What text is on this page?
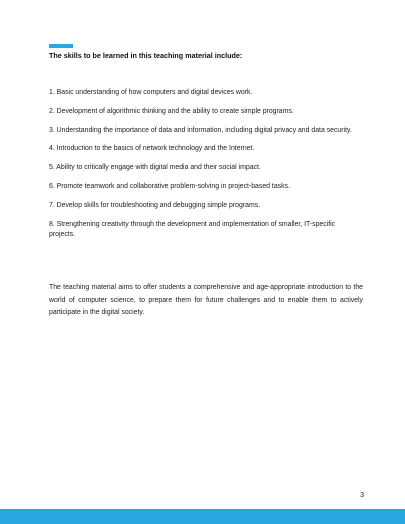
The skills to be learned in this teaching material include:
1. Basic understanding of how computers and digital devices work.
2. Development of algorithmic thinking and the ability to create simple programs.
3. Understanding the importance of data and information, including digital privacy and data security.
4. Introduction to the basics of network technology and the Internet.
5. Ability to critically engage with digital media and their social impact.
6. Promote teamwork and collaborative problem-solving in project-based tasks.
7. Develop skills for troubleshooting and debugging simple programs.
8. Strengthening creativity through the development and implementation of smaller, IT-specific projects.

The teaching material aims to offer students a comprehensive and age-appropriate introduction to the world of computer science, to prepare them for future challenges and to enable them to actively participate in the digital society.

3
